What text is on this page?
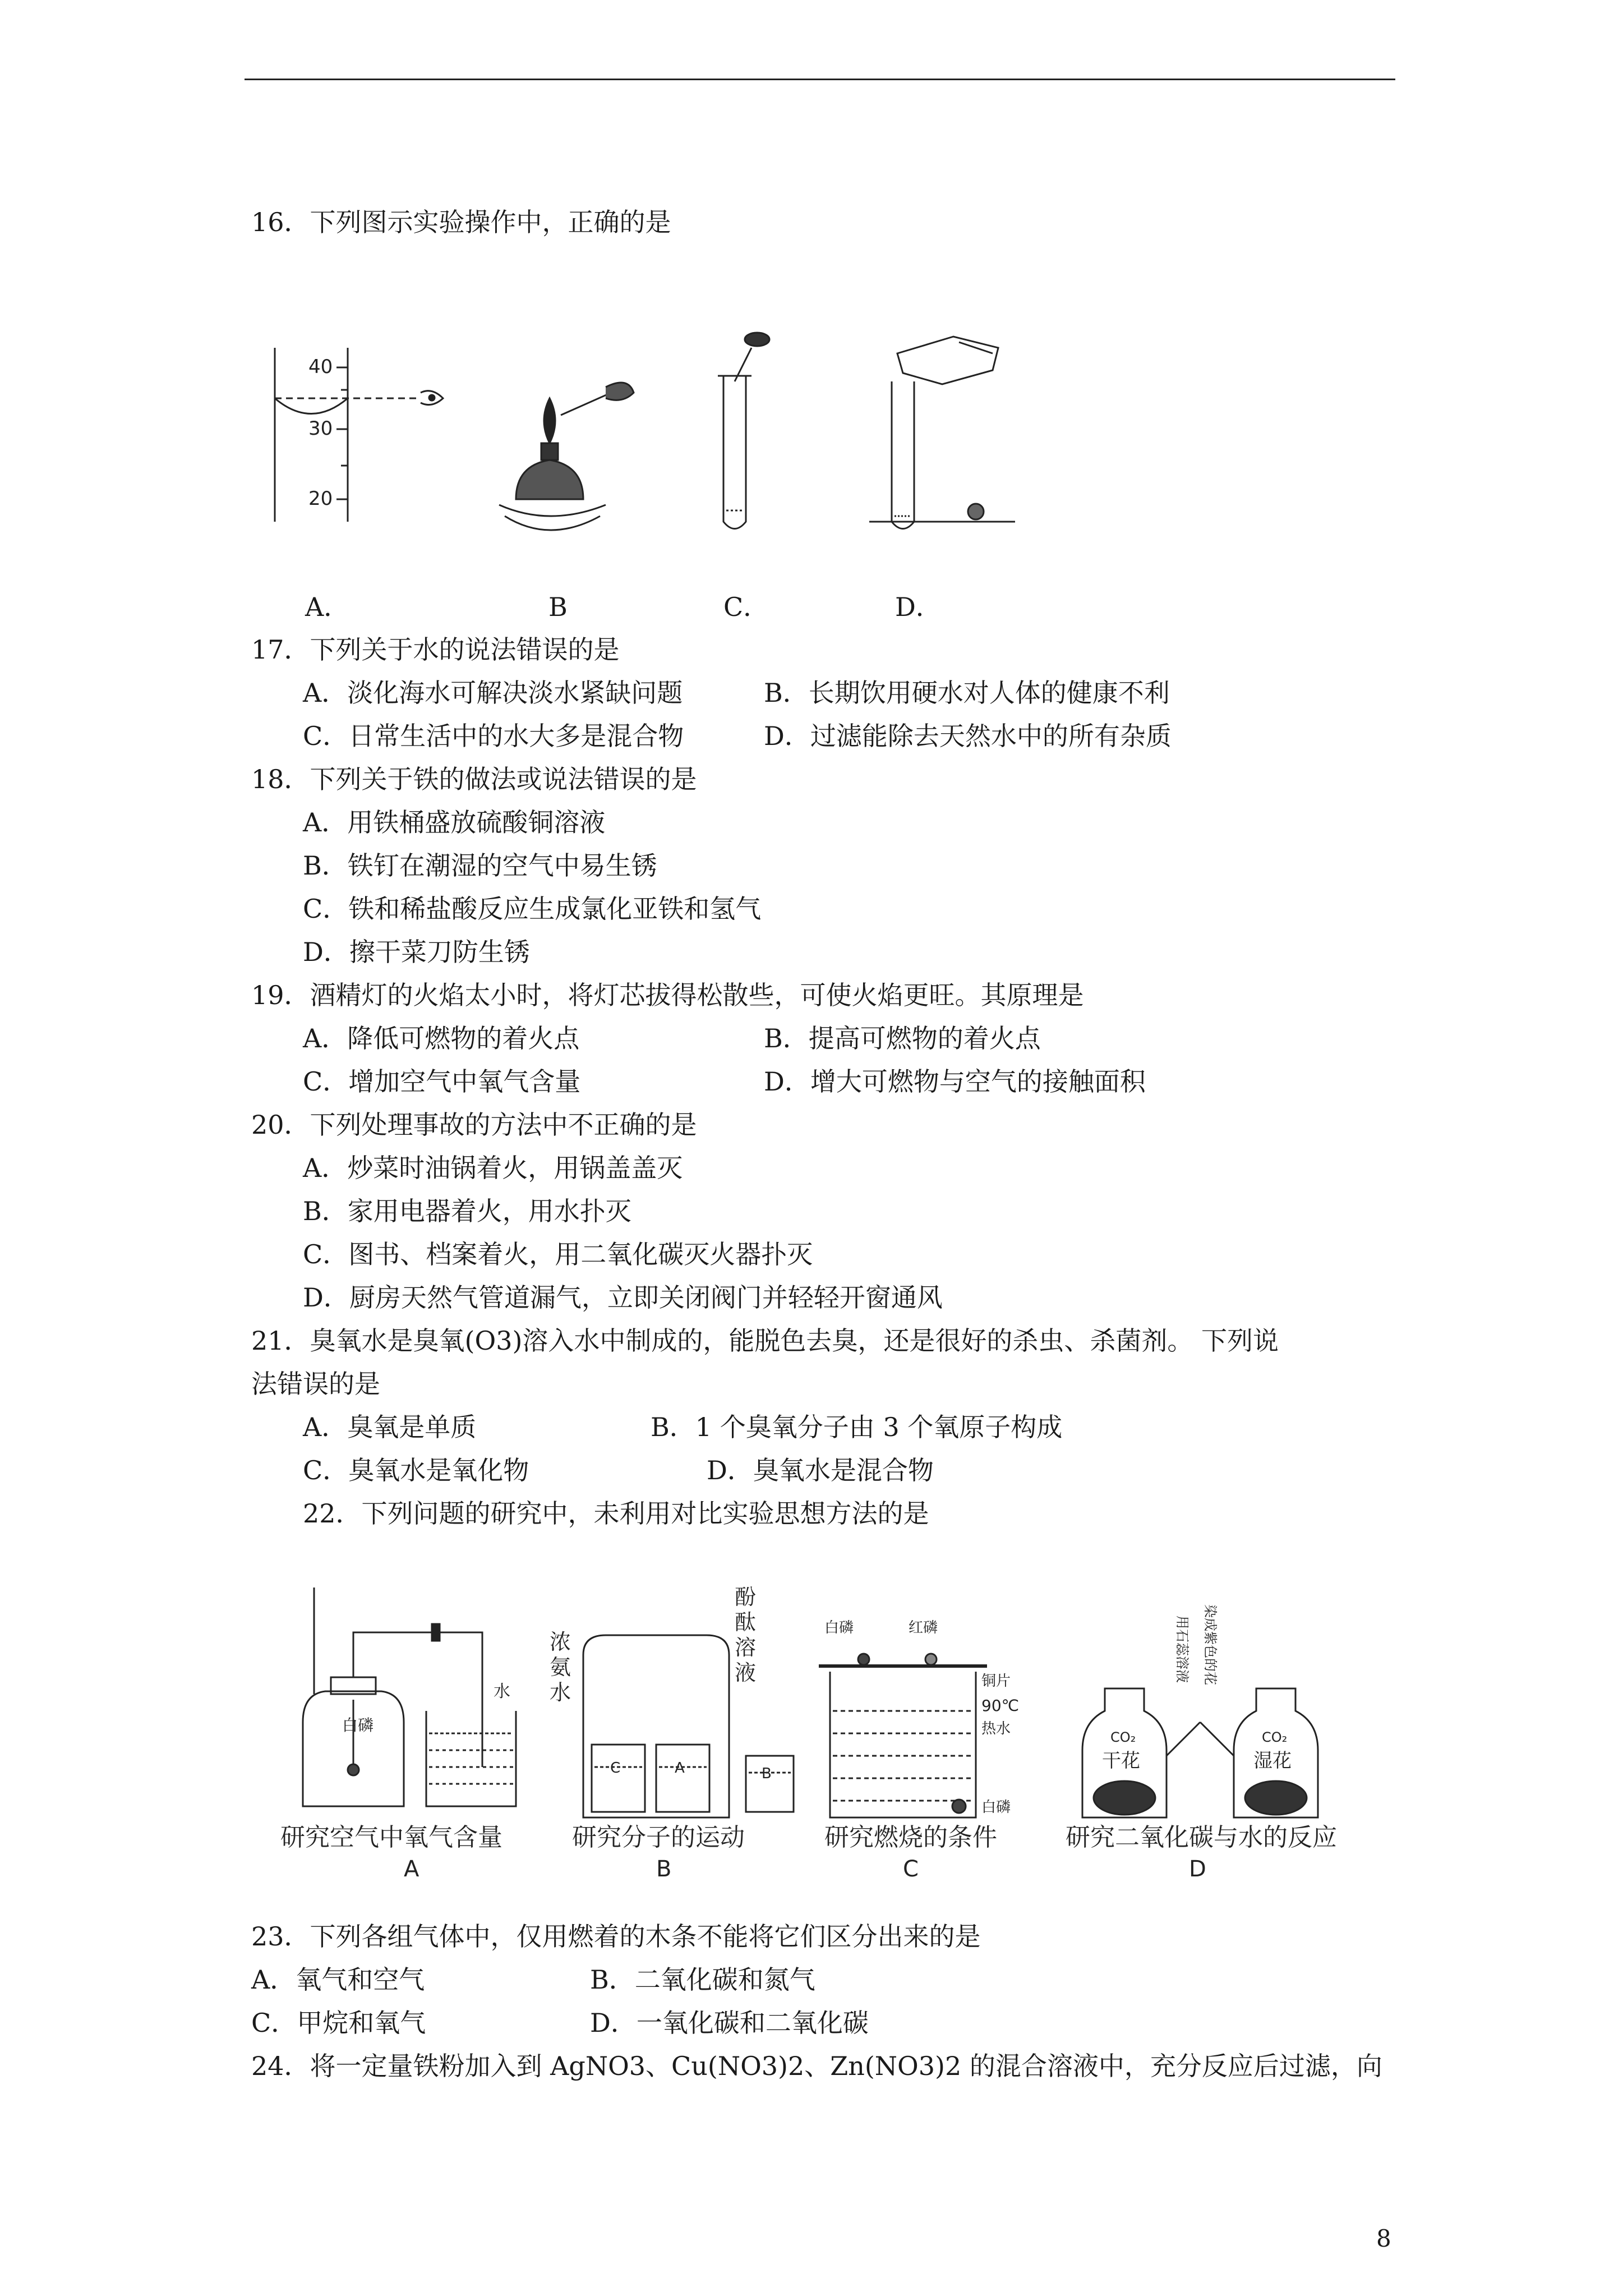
16．下列图示实验操作中，正确的是
40
30
20
A．	B	C．	D．
17．下列关于水的说法错误的是
A．淡化海水可解决淡水紧缺问题	B．长期饮用硬水对人体的健康不利
C．日常生活中的水大多是混合物	D．过滤能除去天然水中的所有杂质
18．下列关于铁的做法或说法错误的是
A．用铁桶盛放硫酸铜溶液
B．铁钉在潮湿的空气中易生锈
C．铁和稀盐酸反应生成氯化亚铁和氢气
D．擦干菜刀防生锈
19．酒精灯的火焰太小时，将灯芯拔得松散些，可使火焰更旺。其原理是
A．降低可燃物的着火点	B．提高可燃物的着火点
C．增加空气中氧气含量	D．增大可燃物与空气的接触面积
20．下列处理事故的方法中不正确的是
A．炒菜时油锅着火，用锅盖盖灭
B．家用电器着火，用水扑灭
C．图书、档案着火，用二氧化碳灭火器扑灭
D．厨房天然气管道漏气，立即关闭阀门并轻轻开窗通风
21．臭氧水是臭氧(O3)溶入水中制成的，能脱色去臭，还是很好的杀虫、杀菌剂。 下列说
法错误的是
A．臭氧是单质	B．1 个臭氧分子由 3 个氧原子构成
C．臭氧水是氧化物	D．臭氧水是混合物
22．下列问题的研究中，未利用对比实验思想方法的是
白磷
水
浓
氨
水
酚
酞
溶
液
C	A	B
白磷	红磷
铜片
90℃
热水
白磷
用石蕊溶液 染成紫色的花
CO₂	CO₂
干花	湿花
研究空气中氧气含量	研究分子的运动	研究燃烧的条件	研究二氧化碳与水的反应
A	B	C	D
23．下列各组气体中，仅用燃着的木条不能将它们区分出来的是
A．氧气和空气	B．二氧化碳和氮气
C．甲烷和氧气	D．一氧化碳和二氧化碳
24．将一定量铁粉加入到 AgNO3、Cu(NO3)2、Zn(NO3)2 的混合溶液中，充分反应后过滤，向
8
